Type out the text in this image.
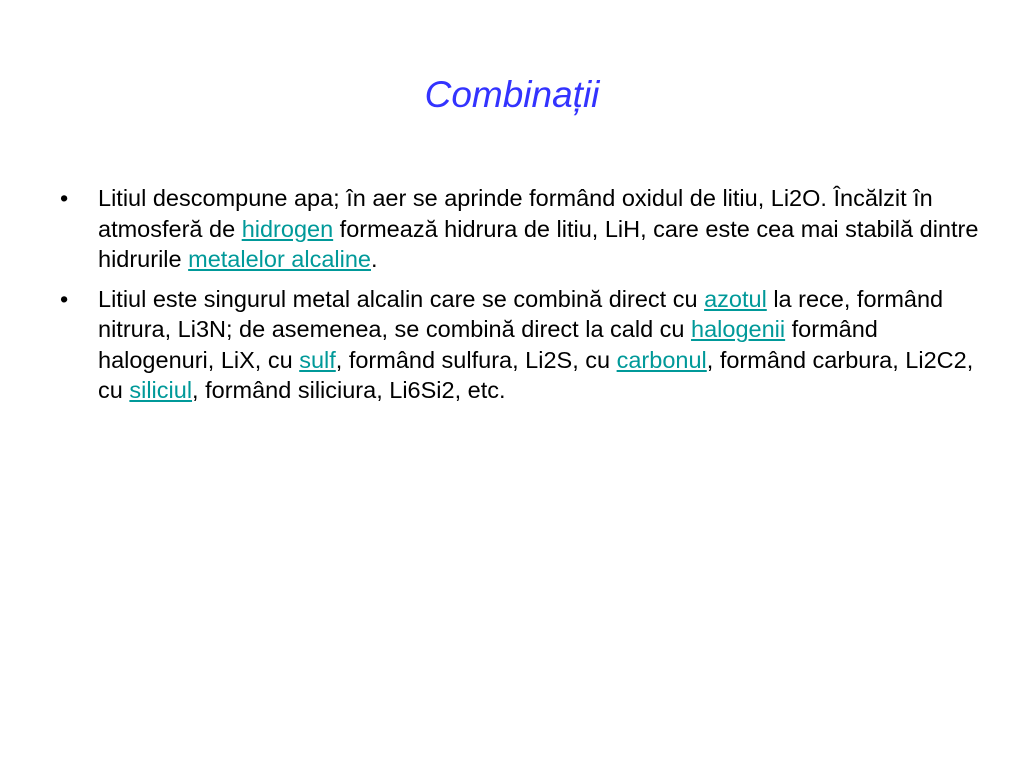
Combinații
•	Litiul descompune apa; în aer se aprinde formând oxidul de litiu, Li2O. Încălzit în atmosferă de hidrogen formează hidrura de litiu, LiH, care este cea mai stabilă dintre hidrurile metalelor alcaline.
•	Litiul este singurul metal alcalin care se combină direct cu azotul la rece, formând nitrura, Li3N; de asemenea, se combină direct la cald cu halogenii formând halogenuri, LiX, cu sulf, formând sulfura, Li2S, cu carbonul, formând carbura, Li2C2, cu siliciul, formând siliciura, Li6Si2, etc.
